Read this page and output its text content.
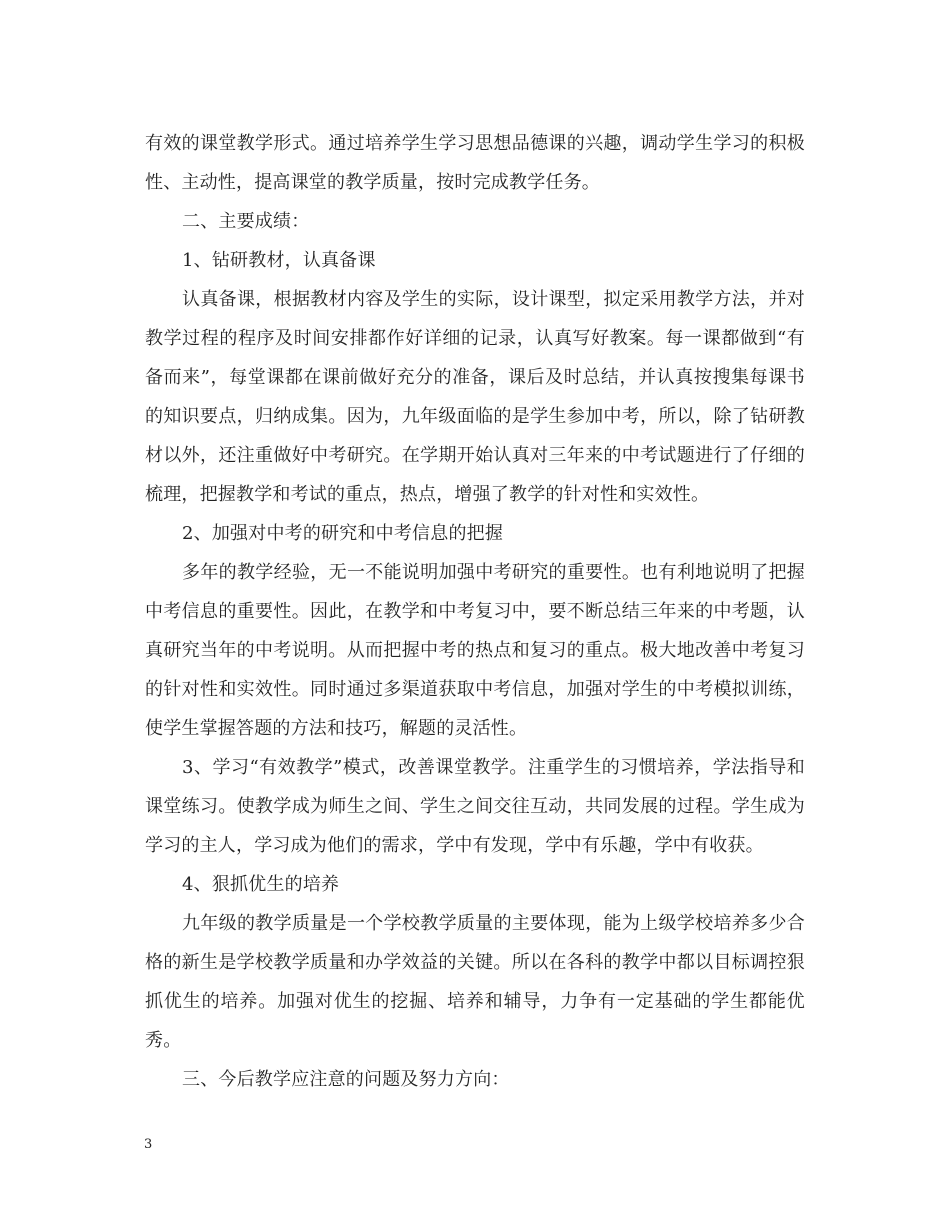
有效的课堂教学形式。通过培养学生学习思想品德课的兴趣，调动学生学习的积极性、主动性，提高课堂的教学质量，按时完成教学任务。

二、主要成绩：

1、钻研教材，认真备课

认真备课，根据教材内容及学生的实际，设计课型，拟定采用教学方法，并对教学过程的程序及时间安排都作好详细的记录，认真写好教案。每一课都做到“有备而来”，每堂课都在课前做好充分的准备，课后及时总结，并认真按搜集每课书的知识要点，归纳成集。因为，九年级面临的是学生参加中考，所以，除了钻研教材以外，还注重做好中考研究。在学期开始认真对三年来的中考试题进行了仔细的梳理，把握教学和考试的重点，热点，增强了教学的针对性和实效性。

2、加强对中考的研究和中考信息的把握

多年的教学经验，无一不能说明加强中考研究的重要性。也有利地说明了把握中考信息的重要性。因此，在教学和中考复习中，要不断总结三年来的中考题，认真研究当年的中考说明。从而把握中考的热点和复习的重点。极大地改善中考复习的针对性和实效性。同时通过多渠道获取中考信息，加强对学生的中考模拟训练，使学生掌握答题的方法和技巧，解题的灵活性。

3、学习“有效教学”模式，改善课堂教学。注重学生的习惯培养，学法指导和课堂练习。使教学成为师生之间、学生之间交往互动，共同发展的过程。学生成为学习的主人，学习成为他们的需求，学中有发现，学中有乐趣，学中有收获。

4、狠抓优生的培养

九年级的教学质量是一个学校教学质量的主要体现，能为上级学校培养多少合格的新生是学校教学质量和办学效益的关键。所以在各科的教学中都以目标调控狠抓优生的培养。加强对优生的挖掘、培养和辅导，力争有一定基础的学生都能优秀。

三、今后教学应注意的问题及努力方向：

3
